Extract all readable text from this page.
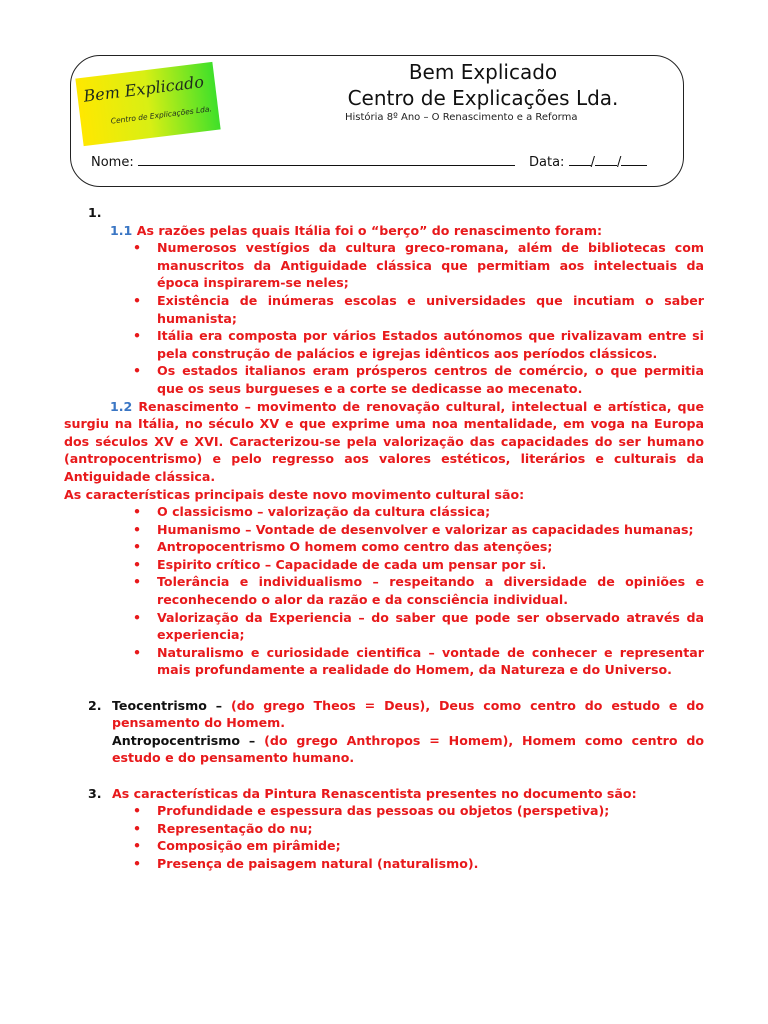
Bem Explicado
Centro de Explicações Lda.
Bem Explicado
Centro de Explicações Lda.
História 8º Ano – O Renascimento e a Reforma
Nome:	Data: / /
1.

1.1 As razões pelas quais Itália foi o “berço” do renascimento foram:
• Numerosos vestígios da cultura greco-romana, além de bibliotecas com manuscritos da Antiguidade clássica que permitiam aos intelectuais da época inspirarem-se neles;
• Existência de inúmeras escolas e universidades que incutiam o saber humanista;
• Itália era composta por vários Estados autónomos que rivalizavam entre si pela construção de palácios e igrejas idênticos aos períodos clássicos.
• Os estados italianos eram prósperos centros de comércio, o que permitia que os seus burgueses e a corte se dedicasse ao mecenato.
1.2 Renascimento – movimento de renovação cultural, intelectual e artística, que surgiu na Itália, no século XV e que exprime uma noa mentalidade, em voga na Europa dos séculos XV e XVI. Caracterizou-se pela valorização das capacidades do ser humano (antropocentrismo) e pelo regresso aos valores estéticos, literários e culturais da Antiguidade clássica.
As características principais deste novo movimento cultural são:
• O classicismo – valorização da cultura clássica;
• Humanismo – Vontade de desenvolver e valorizar as capacidades humanas;
• Antropocentrismo O homem como centro das atenções;
• Espirito crítico – Capacidade de cada um pensar por si.
• Tolerância e individualismo – respeitando a diversidade de opiniões e reconhecendo o alor da razão e da consciência individual.
• Valorização da Experiencia – do saber que pode ser observado através da experiencia;
• Naturalismo e curiosidade cientifica – vontade de conhecer e representar mais profundamente a realidade do Homem, da Natureza e do Universo.
2. Teocentrismo – (do grego Theos = Deus), Deus como centro do estudo e do pensamento do Homem.
Antropocentrismo – (do grego Anthropos = Homem), Homem como centro do estudo e do pensamento humano.
3. As características da Pintura Renascentista presentes no documento são:
• Profundidade e espessura das pessoas ou objetos (perspetiva);
• Representação do nu;
• Composição em pirâmide;
• Presença de paisagem natural (naturalismo).
